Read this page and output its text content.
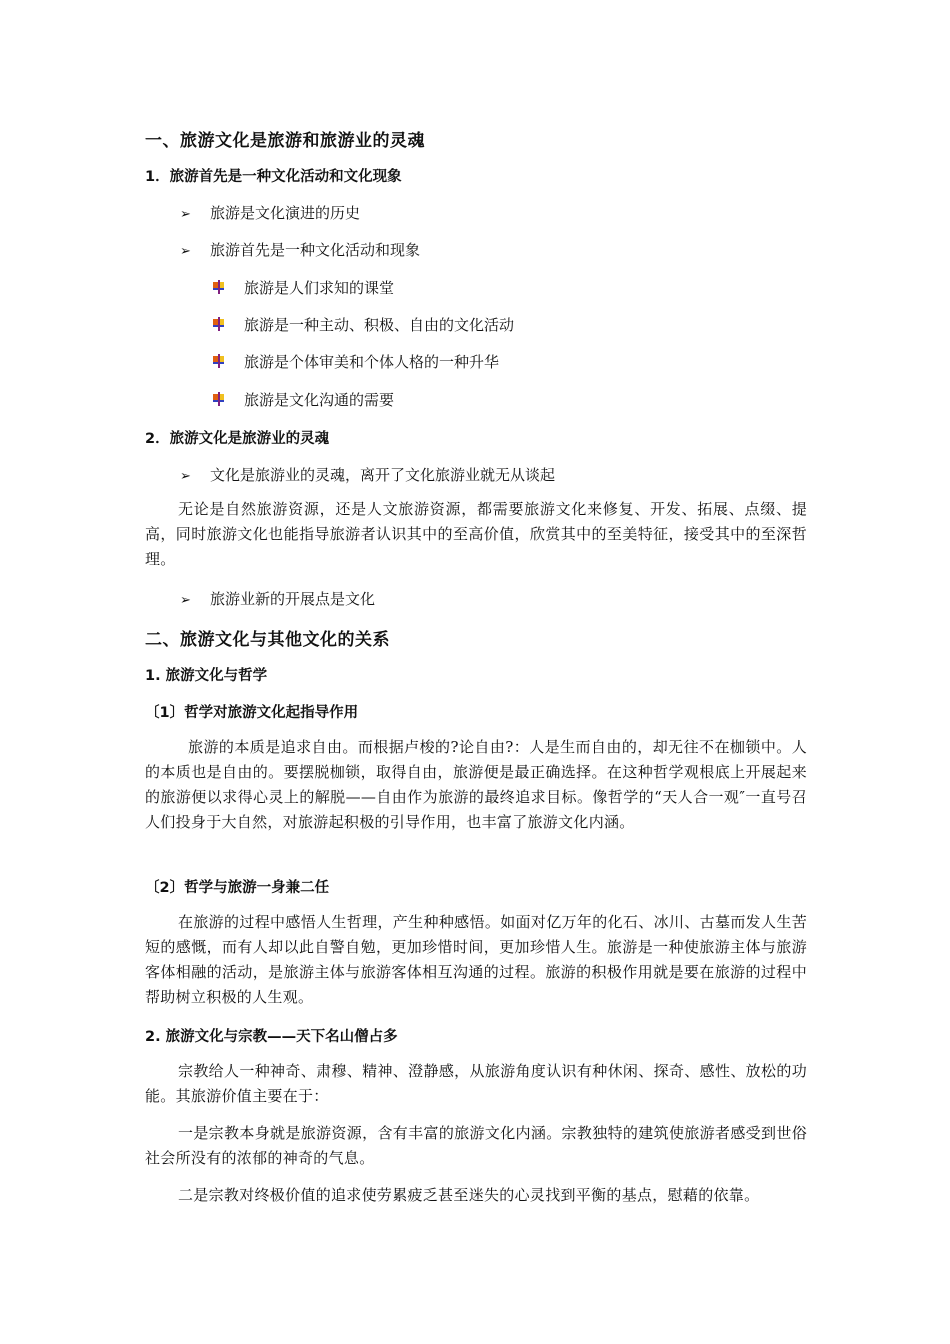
一、旅游文化是旅游和旅游业的灵魂
1．旅游首先是一种文化活动和文化现象
➢ 旅游是文化演进的历史
➢ 旅游首先是一种文化活动和现象
旅游是人们求知的课堂
旅游是一种主动、积极、自由的文化活动
旅游是个体审美和个体人格的一种升华
旅游是文化沟通的需要
2．旅游文化是旅游业的灵魂
➢ 文化是旅游业的灵魂，离开了文化旅游业就无从谈起
无论是自然旅游资源，还是人文旅游资源，都需要旅游文化来修复、开发、拓展、点缀、提高，同时旅游文化也能指导旅游者认识其中的至高价值，欣赏其中的至美特征，接受其中的至深哲理。
➢ 旅游业新的开展点是文化
二、旅游文化与其他文化的关系
1. 旅游文化与哲学
〔1〕哲学对旅游文化起指导作用
旅游的本质是追求自由。而根据卢梭的?论自由?：人是生而自由的，却无往不在枷锁中。人的本质也是自由的。要摆脱枷锁，取得自由，旅游便是最正确选择。在这种哲学观根底上开展起来的旅游便以求得心灵上的解脱——自由作为旅游的最终追求目标。像哲学的“天人合一观″一直号召人们投身于大自然，对旅游起积极的引导作用，也丰富了旅游文化内涵。
〔2〕哲学与旅游一身兼二任
在旅游的过程中感悟人生哲理，产生种种感悟。如面对亿万年的化石、冰川、古墓而发人生苦短的感慨，而有人却以此自警自勉，更加珍惜时间，更加珍惜人生。旅游是一种使旅游主体与旅游客体相融的活动，是旅游主体与旅游客体相互沟通的过程。旅游的积极作用就是要在旅游的过程中帮助树立积极的人生观。
2. 旅游文化与宗教——天下名山僧占多
宗教给人一种神奇、肃穆、精神、澄静感，从旅游角度认识有种休闲、探奇、感性、放松的功能。其旅游价值主要在于：
一是宗教本身就是旅游资源，含有丰富的旅游文化内涵。宗教独特的建筑使旅游者感受到世俗社会所没有的浓郁的神奇的气息。
二是宗教对终极价值的追求使劳累疲乏甚至迷失的心灵找到平衡的基点，慰藉的依靠。
